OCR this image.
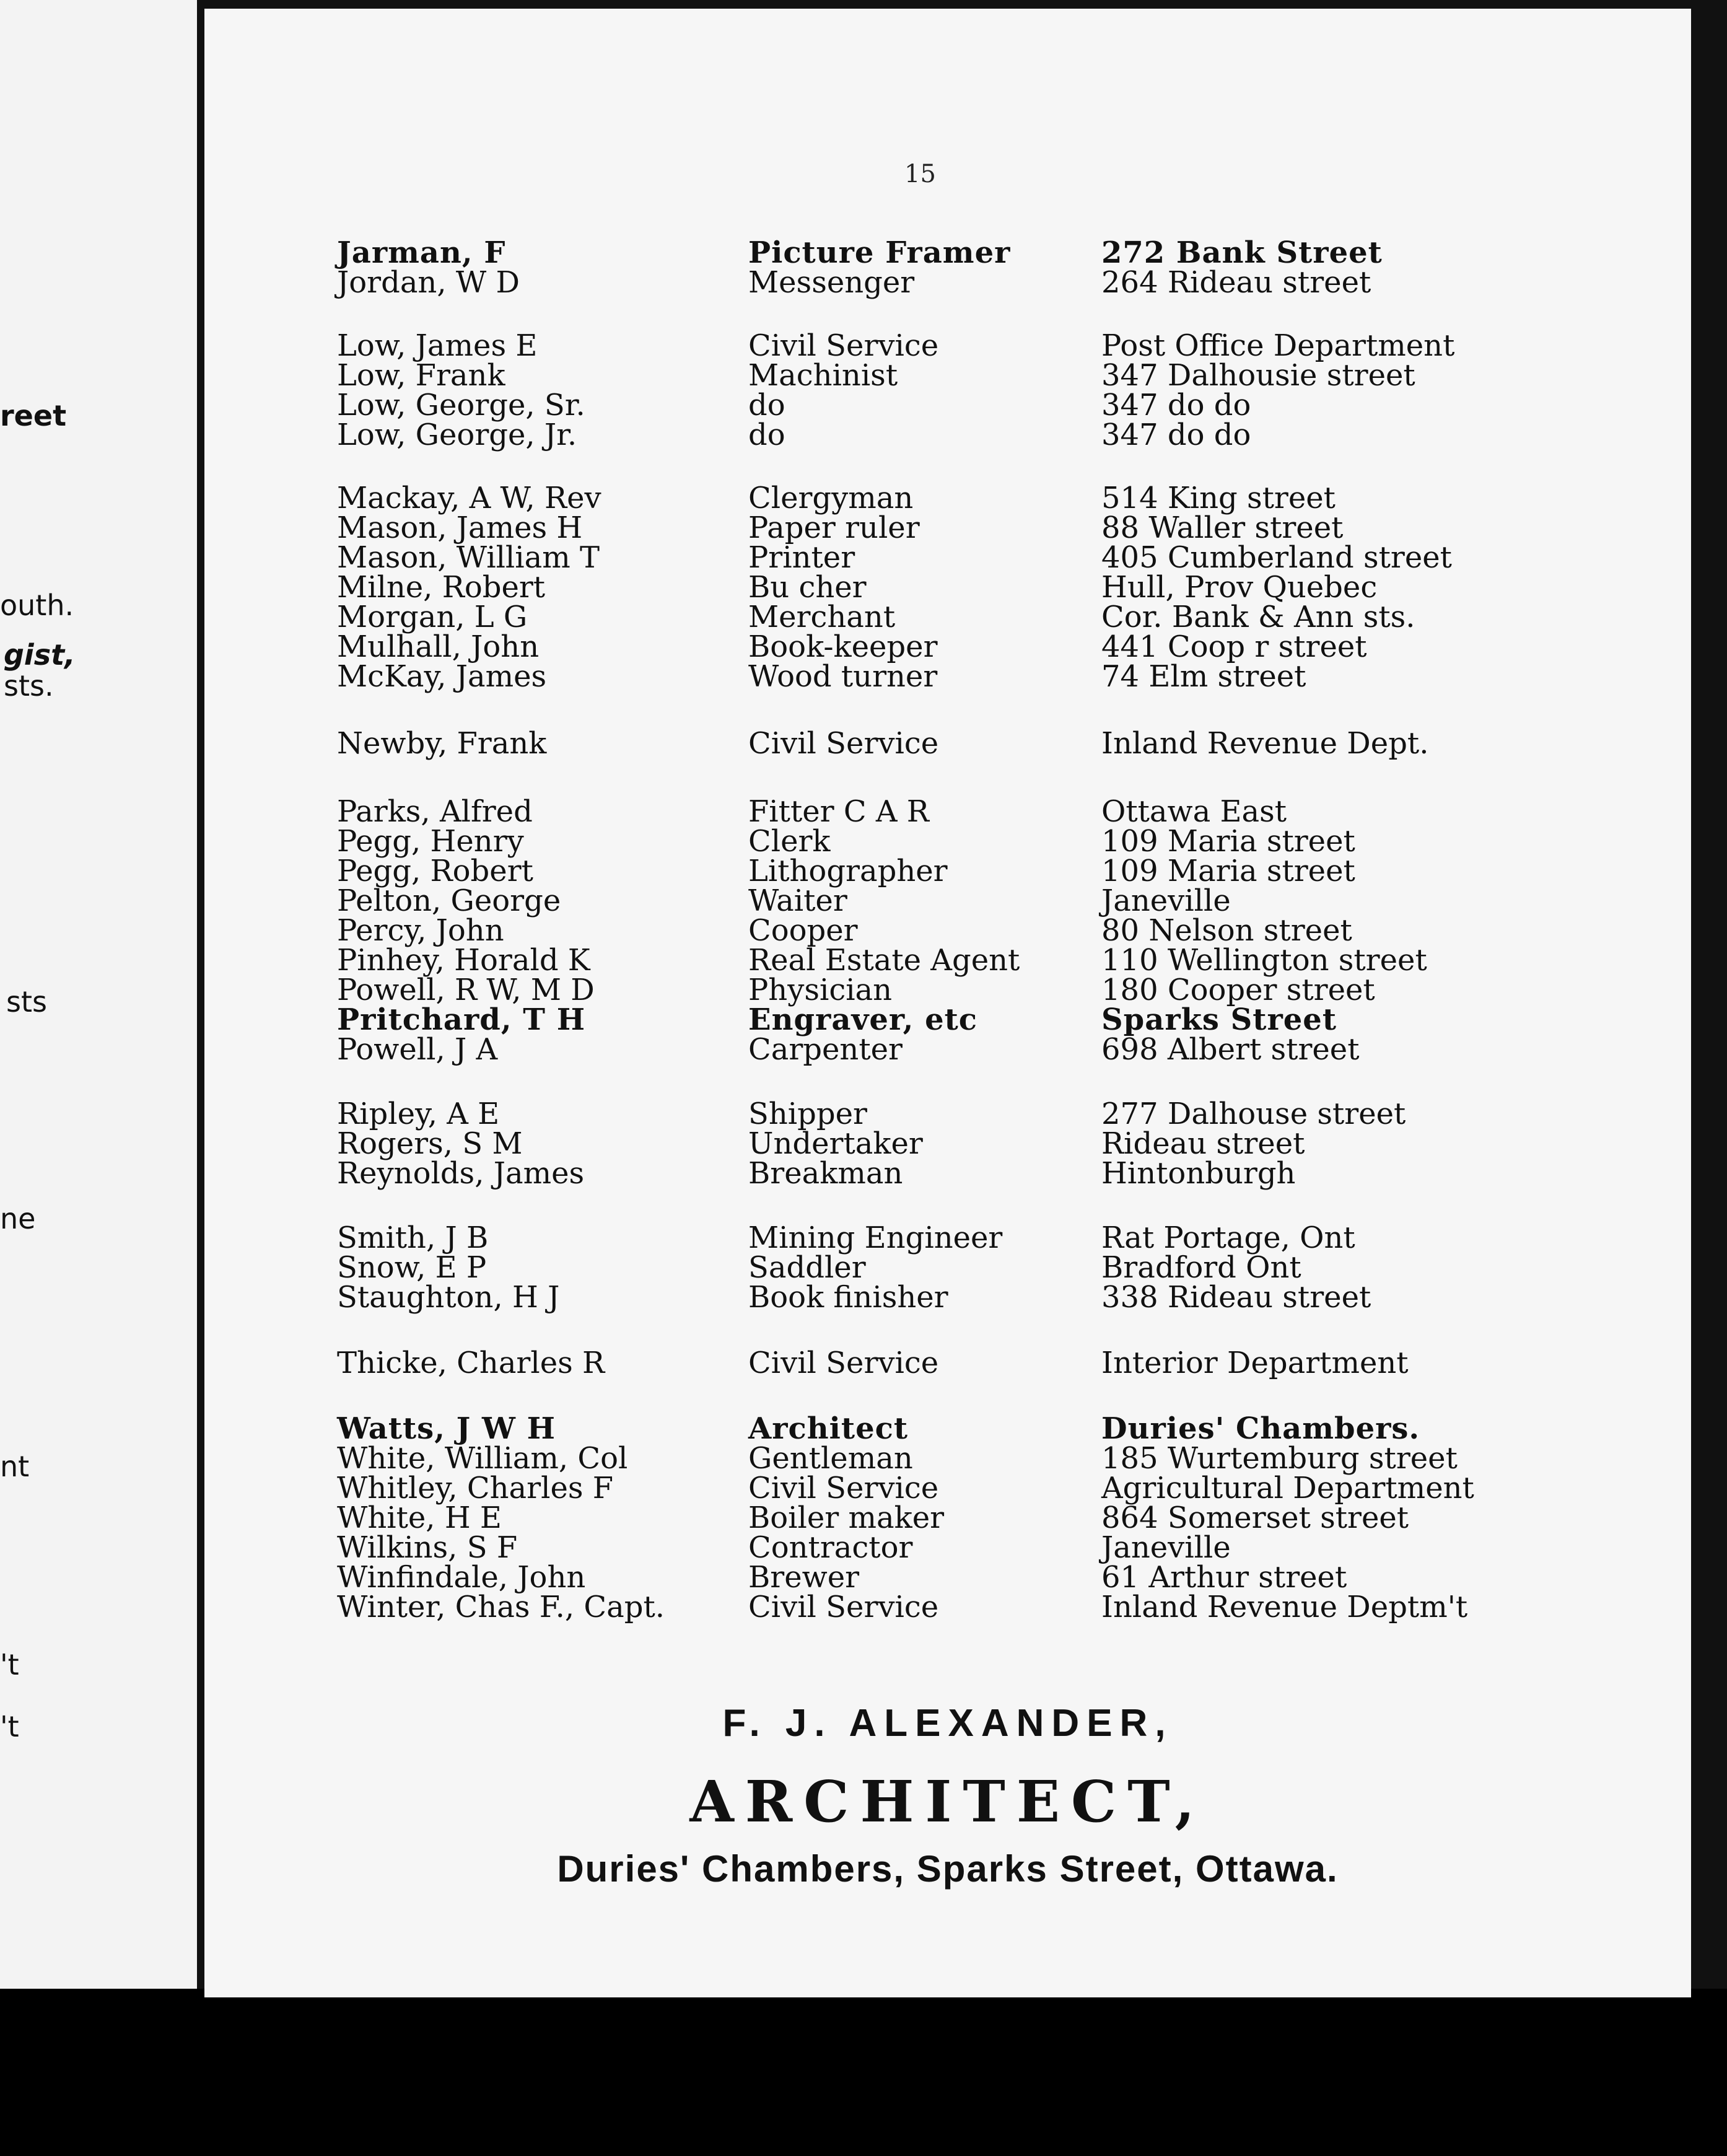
reet
outh.
gist,
sts.
sts
ne
nt
't
't
15
Jarman, F	Picture Framer	272 Bank Street
Jordan, W D	Messenger	264 Rideau street
Low, James E	Civil Service	Post Office Department
Low, Frank	Machinist	347 Dalhousie street
Low, George, Sr.	do	347 do do
Low, George, Jr.	do	347 do do
Mackay, A W, Rev	Clergyman	514 King street
Mason, James H	Paper ruler	88 Waller street
Mason, William T	Printer	405 Cumberland street
Milne, Robert	Bu cher	Hull, Prov Quebec
Morgan, L G	Merchant	Cor. Bank & Ann sts.
Mulhall, John	Book-keeper	441 Coop r street
McKay, James	Wood turner	74 Elm street
Newby, Frank	Civil Service	Inland Revenue Dept.
Parks, Alfred	Fitter C A R	Ottawa East
Pegg, Henry	Clerk	109 Maria street
Pegg, Robert	Lithographer	109 Maria street
Pelton, George	Waiter	Janeville
Percy, John	Cooper	80 Nelson street
Pinhey, Horald K	Real Estate Agent	110 Wellington street
Powell, R W, M D	Physician	180 Cooper street
Pritchard, T H	Engraver, etc	Sparks Street
Powell, J A	Carpenter	698 Albert street
Ripley, A E	Shipper	277 Dalhouse street
Rogers, S M	Undertaker	Rideau street
Reynolds, James	Breakman	Hintonburgh
Smith, J B	Mining Engineer	Rat Portage, Ont
Snow, E P	Saddler	Bradford Ont
Staughton, H J	Book finisher	338 Rideau street
Thicke, Charles R	Civil Service	Interior Department
Watts, J W H	Architect	Duries' Chambers.
White, William, Col	Gentleman	185 Wurtemburg street
Whitley, Charles F	Civil Service	Agricultural Department
White, H E	Boiler maker	864 Somerset street
Wilkins, S F	Contractor	Janeville
Winfindale, John	Brewer	61 Arthur street
Winter, Chas F., Capt.	Civil Service	Inland Revenue Deptm't
F. J. ALEXANDER,
ARCHITECT,
Duries' Chambers, Sparks Street, Ottawa.
